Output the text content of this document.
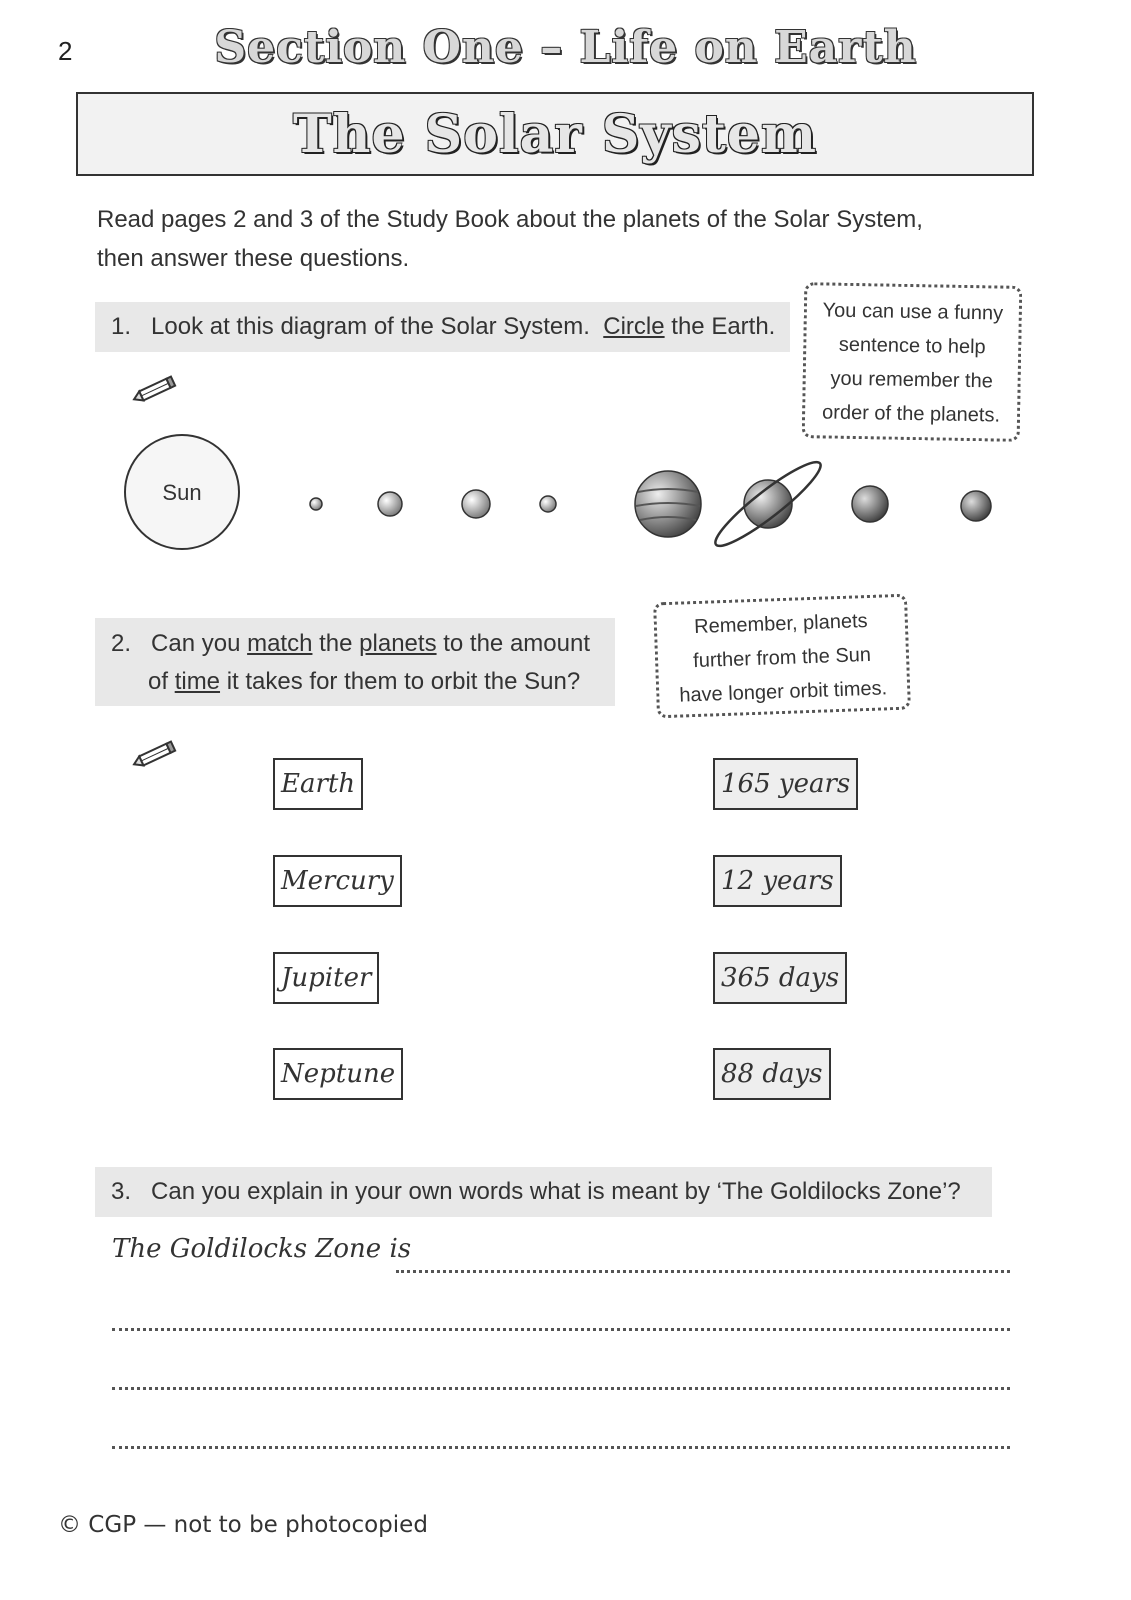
2	Section One – Life on Earth
The Solar System
Read pages 2 and 3 of the Study Book about the planets of the Solar System,
then answer these questions.
1. Look at this diagram of the Solar System. Circle the Earth.
You can use a funny
sentence to help
you remember the
order of the planets.
Sun
2. Can you match the planets to the amount
of time it takes for them to orbit the Sun?
Remember, planets
further from the Sun
have longer orbit times.
Earth
Mercury
Jupiter
Neptune
165 years
12 years
365 days
88 days
3. Can you explain in your own words what is meant by ‘The Goldilocks Zone’?
The Goldilocks Zone is
© CGP — not to be photocopied
